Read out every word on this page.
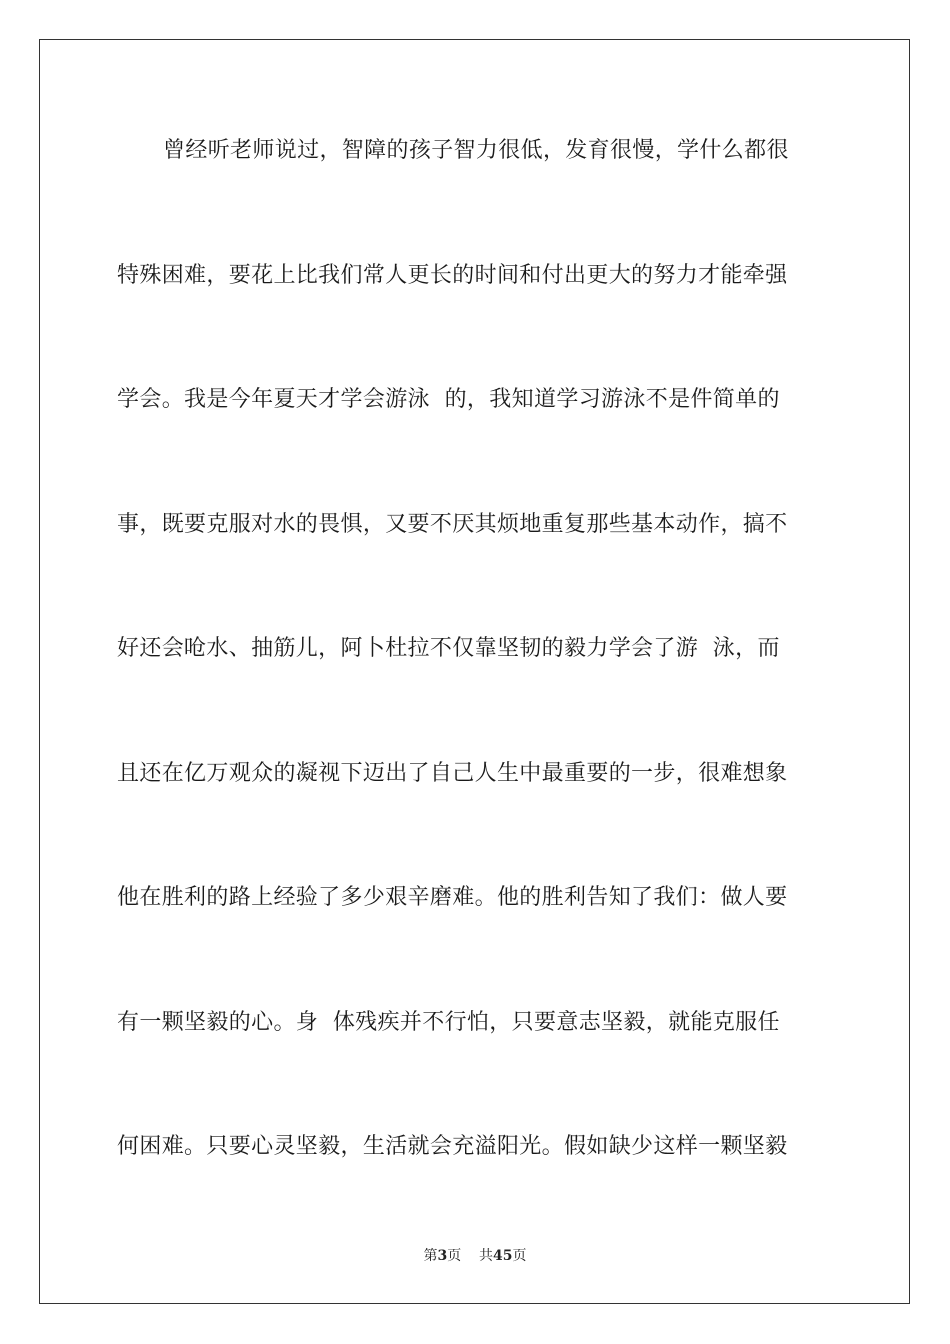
曾经听老师说过，智障的孩子智力很低，发育很慢，学什么都很
特殊困难，要花上比我们常人更长的时间和付出更大的努力才能牵强
学会。我是今年夏天才学会游泳  的，我知道学习游泳不是件简单的
事，既要克服对水的畏惧，又要不厌其烦地重复那些基本动作，搞不
好还会呛水、抽筋儿，阿卜杜拉不仅靠坚韧的毅力学会了游  泳，而
且还在亿万观众的凝视下迈出了自己人生中最重要的一步，很难想象
他在胜利的路上经验了多少艰辛磨难。他的胜利告知了我们：做人要
有一颗坚毅的心。身  体残疾并不行怕，只要意志坚毅，就能克服任
何困难。只要心灵坚毅，生活就会充溢阳光。假如缺少这样一颗坚毅
第3页 共45页
